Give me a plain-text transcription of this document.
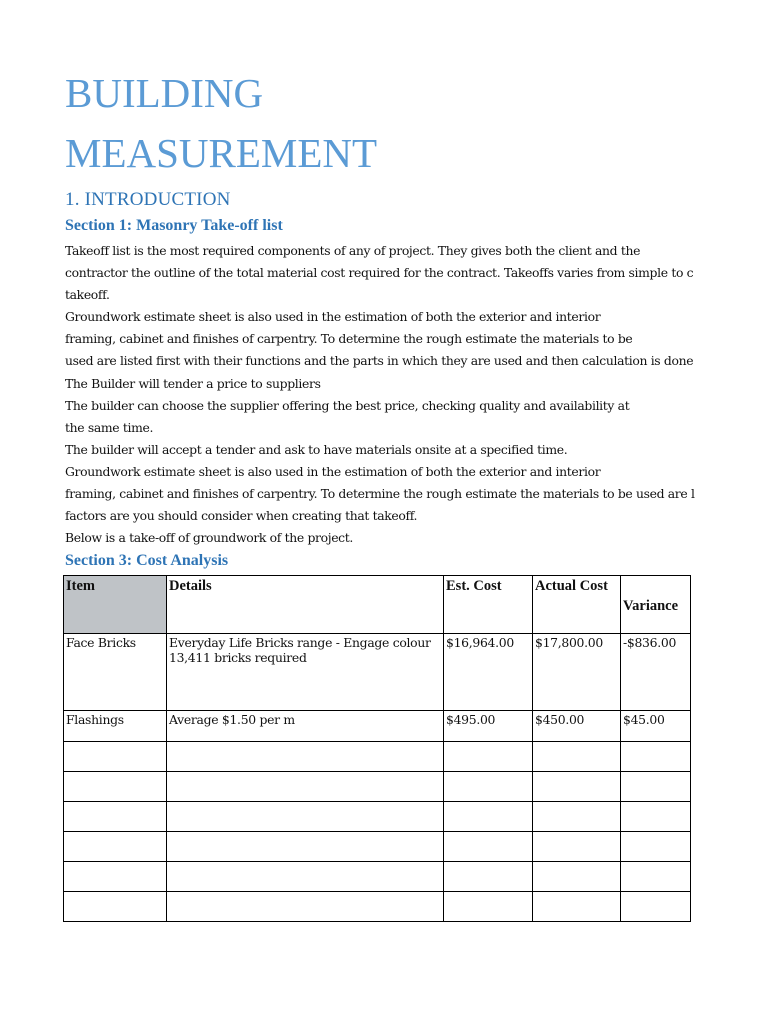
BUILDING
MEASUREMENT
1. INTRODUCTION
Section 1: Masonry Take-off list
Takeoff list is the most required components of any of project. They gives both the client and the
contractor the outline of the total material cost required for the contract. Takeoffs varies from simple to c
takeoff.
Groundwork estimate sheet is also used in the estimation of both the exterior and interior
framing, cabinet and finishes of carpentry. To determine the rough estimate the materials to be
used are listed first with their functions and the parts in which they are used and then calculation is done
The Builder will tender a price to suppliers
The builder can choose the supplier offering the best price, checking quality and availability at
the same time.
The builder will accept a tender and ask to have materials onsite at a specified time.
Groundwork estimate sheet is also used in the estimation of both the exterior and interior
framing, cabinet and finishes of carpentry. To determine the rough estimate the materials to be used are l
factors are you should consider when creating that takeoff.
Below is a take-off of groundwork of the project.
Section 3: Cost Analysis
Item	Details	Est. Cost	Actual Cost	Variance

Face Bricks	Everyday Life Bricks range - Engage colour
13,411 bricks required	$16,964.00	$17,800.00	-$836.00
Flashings	Average $1.50 per m	$495.00	$450.00	$45.00
